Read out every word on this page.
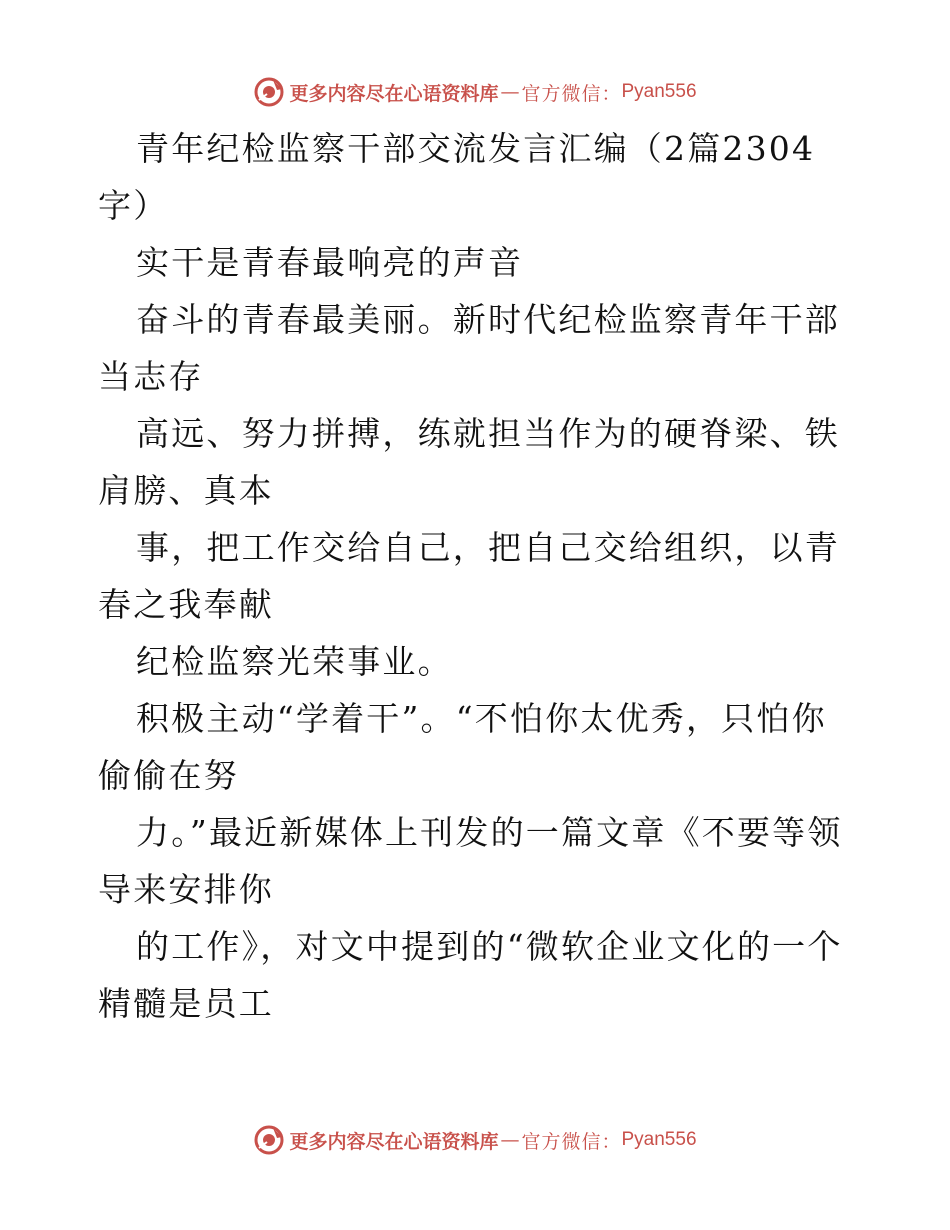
更多内容尽在心语资料库 — 官方微信： Pyan556

青年纪检监察干部交流发言汇编（2篇2304字）

实干是青春最响亮的声音

奋斗的青春最美丽。新时代纪检监察青年干部当志存

高远、努力拼搏，练就担当作为的硬脊梁、铁肩膀、真本

事，把工作交给自己，把自己交给组织，以青春之我奉献

纪检监察光荣事业。

积极主动“学着干”。“不怕你太优秀，只怕你偷偷在努

力。”最近新媒体上刊发的一篇文章《不要等领导来安排你

的工作》，对文中提到的“微软企业文化的一个精髓是员工

更多内容尽在心语资料库 — 官方微信： Pyan556
